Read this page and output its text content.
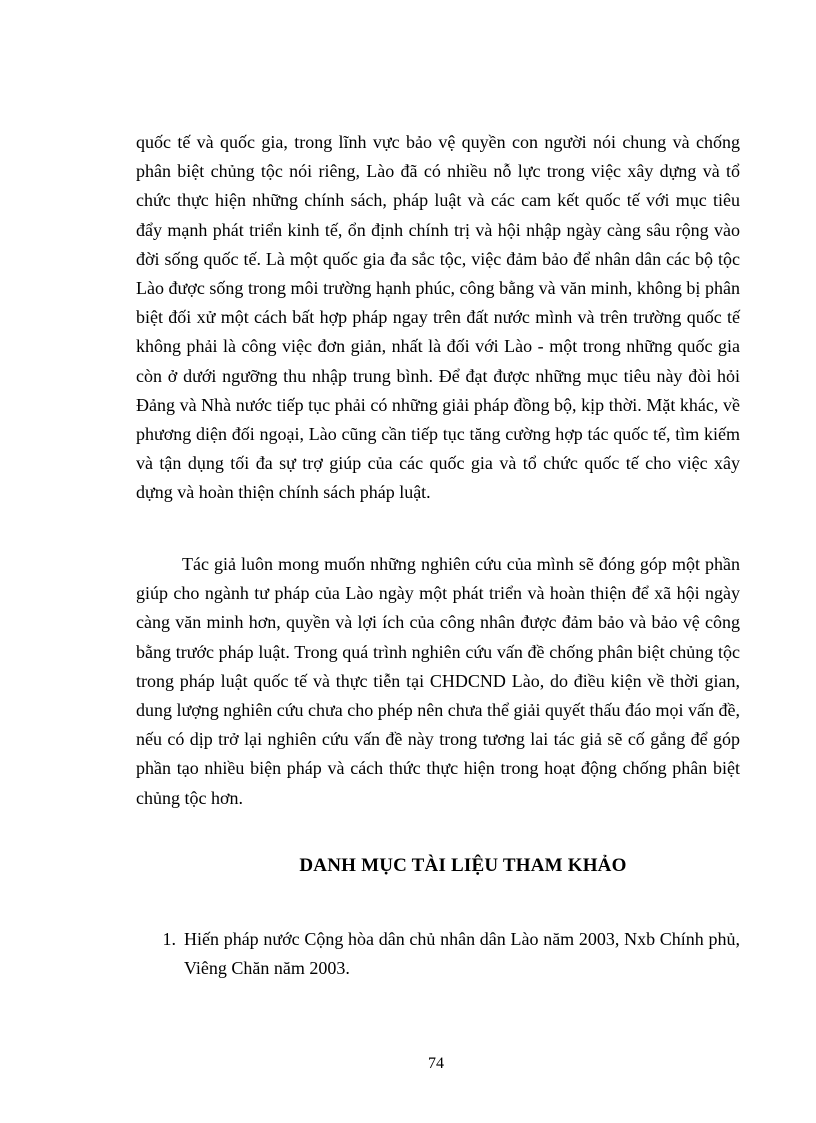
quốc tế và quốc gia, trong lĩnh vực bảo vệ quyền con người nói chung và chống phân biệt chủng tộc nói riêng, Lào đã có nhiều nỗ lực trong việc xây dựng và tổ chức thực hiện những chính sách, pháp luật và các cam kết quốc tế với mục tiêu đẩy mạnh phát triển kinh tế, ổn định chính trị và hội nhập ngày càng sâu rộng vào đời sống quốc tế. Là một quốc gia đa sắc tộc, việc đảm bảo để nhân dân các bộ tộc Lào được sống trong môi trường hạnh phúc, công bằng và văn minh, không bị phân biệt đối xử một cách bất hợp pháp ngay trên đất nước mình và trên trường quốc tế không phải là công việc đơn giản, nhất là đối với Lào - một trong những quốc gia còn ở dưới ngưỡng thu nhập trung bình. Để đạt được những mục tiêu này đòi hỏi Đảng và Nhà nước tiếp tục phải có những giải pháp đồng bộ, kịp thời. Mặt khác, về phương diện đối ngoại, Lào cũng cần tiếp tục tăng cường hợp tác quốc tế, tìm kiếm và tận dụng tối đa sự trợ giúp của các quốc gia và tổ chức quốc tế cho việc xây dựng và hoàn thiện chính sách pháp luật.

Tác giả luôn mong muốn những nghiên cứu của mình sẽ đóng góp một phần giúp cho ngành tư pháp của Lào ngày một phát triển và hoàn thiện để xã hội ngày càng văn minh hơn, quyền và lợi ích của công nhân được đảm bảo và bảo vệ công bằng trước pháp luật. Trong quá trình nghiên cứu vấn đề chống phân biệt chủng tộc trong pháp luật quốc tế và thực tiễn tại CHDCND Lào, do điều kiện về thời gian, dung lượng nghiên cứu chưa cho phép nên chưa thể giải quyết thấu đáo mọi vấn đề, nếu có dịp trở lại nghiên cứu vấn đề này trong tương lai tác giả sẽ cố gắng để góp phần tạo nhiều biện pháp và cách thức thực hiện trong hoạt động chống phân biệt chủng tộc hơn.

DANH MỤC TÀI LIỆU THAM KHẢO
1. Hiến pháp nước Cộng hòa dân chủ nhân dân Lào năm 2003, Nxb Chính phủ, Viêng Chăn năm 2003.

74
